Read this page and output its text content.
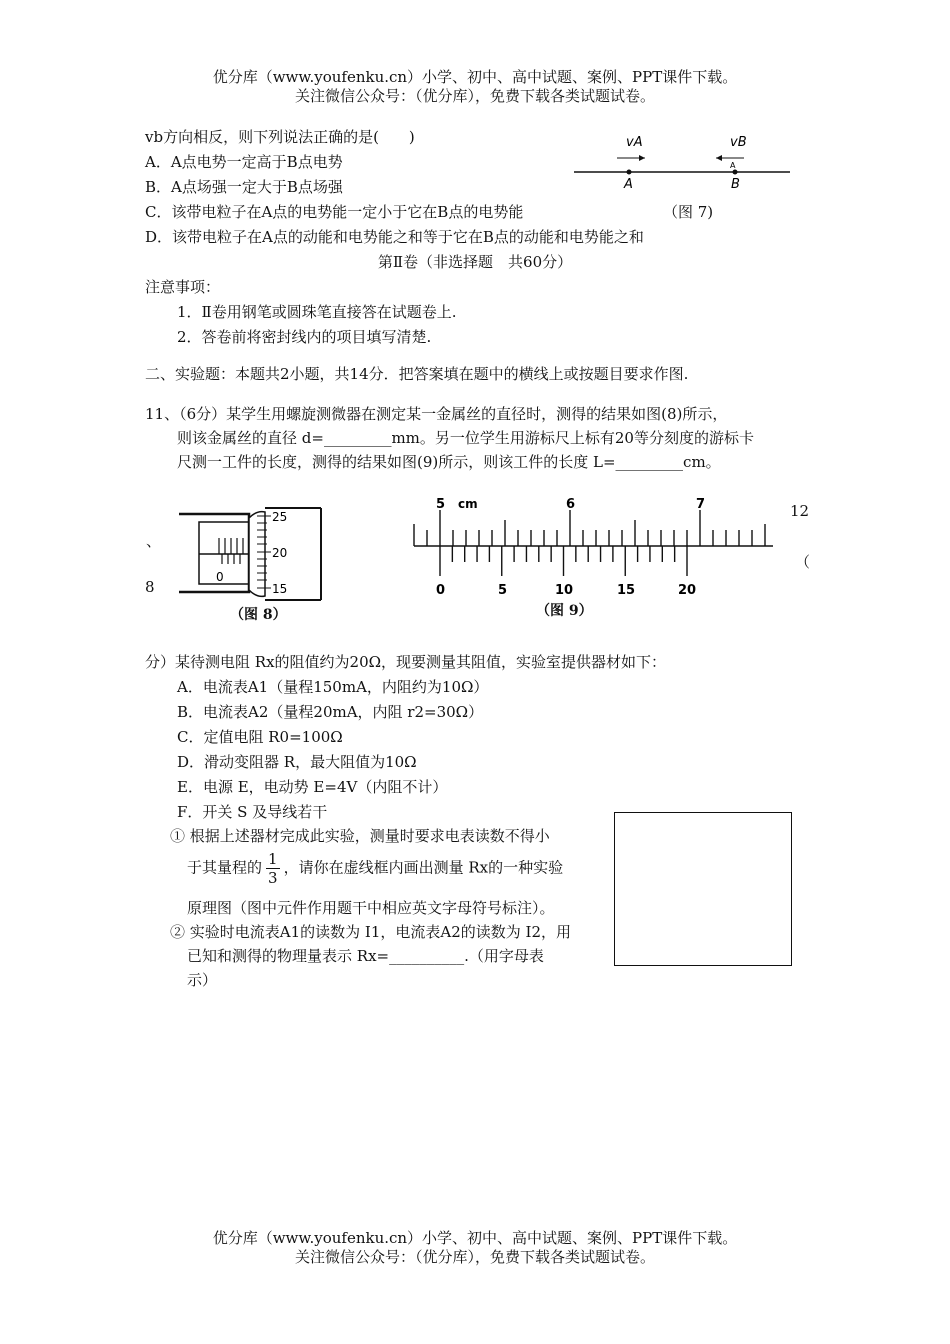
优分库（www.youfenku.cn）小学、初中、高中试题、案例、PPT课件下载。
关注微信公众号：（优分库），免费下载各类试题试卷。
vb方向相反，则下列说法正确的是(　　)
A．A点电势一定高于B点电势
B．A点场强一定大于B点场强
C．该带电粒子在A点的电势能一定小于它在B点的电势能
D．该带电粒子在A点的动能和电势能之和等于它在B点的动能和电势能之和
vA	vB
A
A	B
（图 7)
第Ⅱ卷（非选择题　共60分）
注意事项：
1．Ⅱ卷用钢笔或圆珠笔直接答在试题卷上.
2．答卷前将密封线内的项目填写清楚.
二、实验题：本题共2小题，共14分．把答案填在题中的横线上或按题目要求作图.
11、（6分）某学生用螺旋测微器在测定某一金属丝的直径时，测得的结果如图(8)所示，
则该金属丝的直径 d=_________mm。另一位学生用游标尺上标有20等分刻度的游标卡
尺测一工件的长度，测得的结果如图(9)所示，则该工件的长度 L=_________cm。
12
、
（
8
25
20
15
0
（图 8）
5 cm	6	7
0	5	10	15	20
（图 9）
分）某待测电阻 Rx的阻值约为20Ω，现要测量其阻值，实验室提供器材如下：
A．电流表A1（量程150mA，内阻约为10Ω）
B．电流表A2（量程20mA，内阻 r2=30Ω）
C．定值电阻 R0=100Ω
D．滑动变阻器 R，最大阻值为10Ω
E．电源 E，电动势 E=4V（内阻不计）
F．开关 S 及导线若干
① 根据上述器材完成此实验，测量时要求电表读数不得小
于其量程的 $\frac{1}{3}$ ，请你在虚线框内画出测量 Rx的一种实验
原理图（图中元件作用题干中相应英文字母符号标注）。
② 实验时电流表A1的读数为 I1，电流表A2的读数为 I2，用
已知和测得的物理量表示 Rx=__________.（用字母表
示）
优分库（www.youfenku.cn）小学、初中、高中试题、案例、PPT课件下载。
关注微信公众号：（优分库），免费下载各类试题试卷。
